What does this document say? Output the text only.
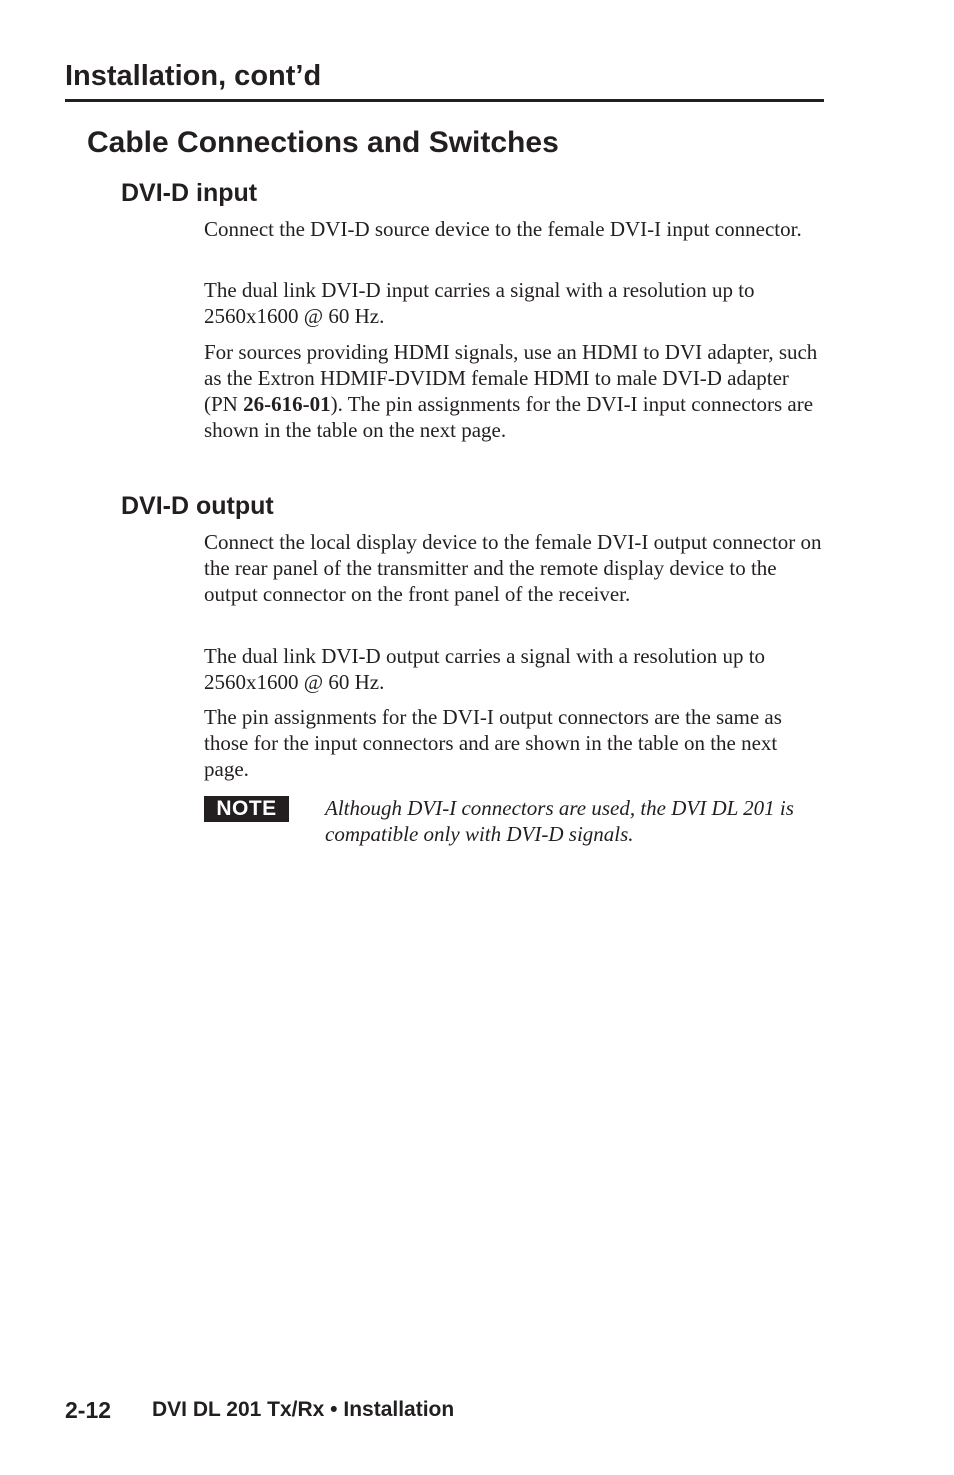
Installation, cont’d
Cable Connections and Switches
DVI-D input

Connect the DVI-D source device to the female DVI-I input connector.

The dual link DVI-D input carries a signal with a resolution up to 2560x1600 @ 60 Hz.

For sources providing HDMI signals, use an HDMI to DVI adapter, such as the Extron HDMIF-DVIDM female HDMI to male DVI-D adapter (PN 26-616-01). The pin assignments for the DVI-I input connectors are shown in the table on the next page.

DVI-D output

Connect the local display device to the female DVI-I output connector on the rear panel of the transmitter and the remote display device to the output connector on the front panel of the receiver.

The dual link DVI-D output carries a signal with a resolution up to 2560x1600 @ 60 Hz.

The pin assignments for the DVI-I output connectors are the same as those for the input connectors and are shown in the table on the next page.

NOTE	Although DVI-I connectors are used, the DVI DL 201 is compatible only with DVI-D signals.

2-12 DVI DL 201 Tx/Rx • Installation
